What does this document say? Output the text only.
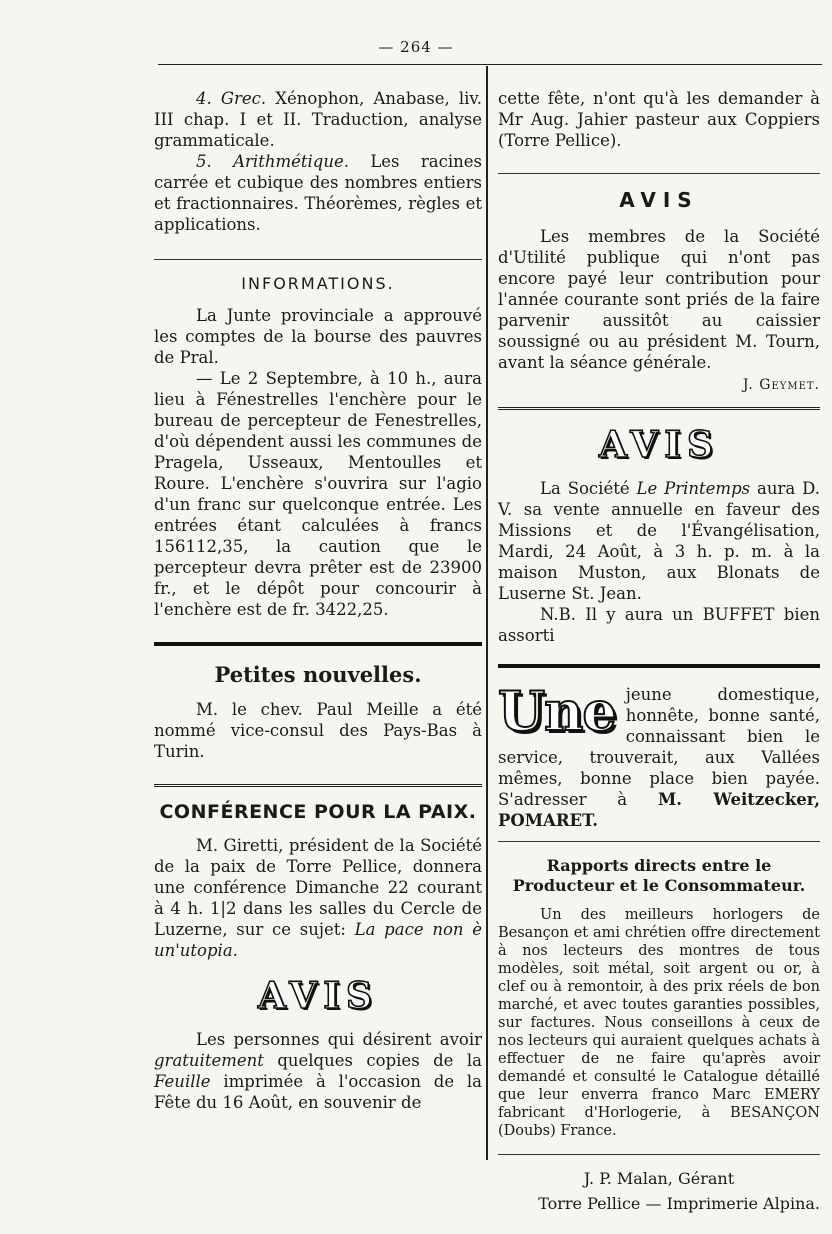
— 264 —

4. Grec. Xénophon, Anabase, liv. III chap. I et II. Traduction, analyse grammaticale.

5. Arithmétique. Les racines carrée et cubique des nombres entiers et fractionnaires. Théorèmes, règles et applications.

INFORMATIONS.

La Junte provinciale a approuvé les comptes de la bourse des pauvres de Pral.

— Le 2 Septembre, à 10 h., aura lieu à Fénestrelles l'enchère pour le bureau de percepteur de Fenestrelles, d'où dépendent aussi les communes de Pragela, Usseaux, Mentoulles et Roure. L'enchère s'ouvrira sur l'agio d'un franc sur quelconque entrée. Les entrées étant calculées à francs 156112,35, la caution que le percepteur devra prêter est de 23900 fr., et le dépôt pour concourir à l'enchère est de fr. 3422,25.

Petites nouvelles.

M. le chev. Paul Meille a été nommé vice-consul des Pays-Bas à Turin.

CONFÉRENCE POUR LA PAIX.

M. Giretti, président de la Société de la paix de Torre Pellice, donnera une conférence Dimanche 22 courant à 4 h. 1|2 dans les salles du Cercle de Luzerne, sur ce sujet: La pace non è un'utopia.

AVIS

Les personnes qui désirent avoir gratuitement quelques copies de la Feuille imprimée à l'occasion de la Fête du 16 Août, en souvenir de

cette fête, n'ont qu'à les demander à Mr Aug. Jahier pasteur aux Coppiers (Torre Pellice).

AVIS

Les membres de la Société d'Utilité publique qui n'ont pas encore payé leur contribution pour l'année courante sont priés de la faire parvenir aussitôt au caissier soussigné ou au président M. Tourn, avant la séance générale.

J. Geymet.
AVIS

La Société Le Printemps aura D. V. sa vente annuelle en faveur des Missions et de l'Évangélisation, Mardi, 24 Août, à 3 h. p. m. à la maison Muston, aux Blonats de Luserne St. Jean.

N.B. Il y aura un BUFFET bien assorti

Une jeune domestique, honnête, bonne santé, connaissant bien le service, trouverait, aux Vallées mêmes, bonne place bien payée. S'adresser à M. Weitzecker, POMARET.

Rapports directs entre le Producteur et le Consommateur.

Un des meilleurs horlogers de Besançon et ami chrétien offre directement à nos lecteurs des montres de tous modèles, soit métal, soit argent ou or, à clef ou à remontoir, à des prix réels de bon marché, et avec toutes garanties possibles, sur factures. Nous conseillons à ceux de nos lecteurs qui auraient quelques achats à effectuer de ne faire qu'après avoir demandé et consulté le Catalogue détaillé que leur enverra franco Marc EMERY fabricant d'Horlogerie, à BESANÇON (Doubs) France.

J. P. Malan, Gérant
Torre Pellice — Imprimerie Alpina.
